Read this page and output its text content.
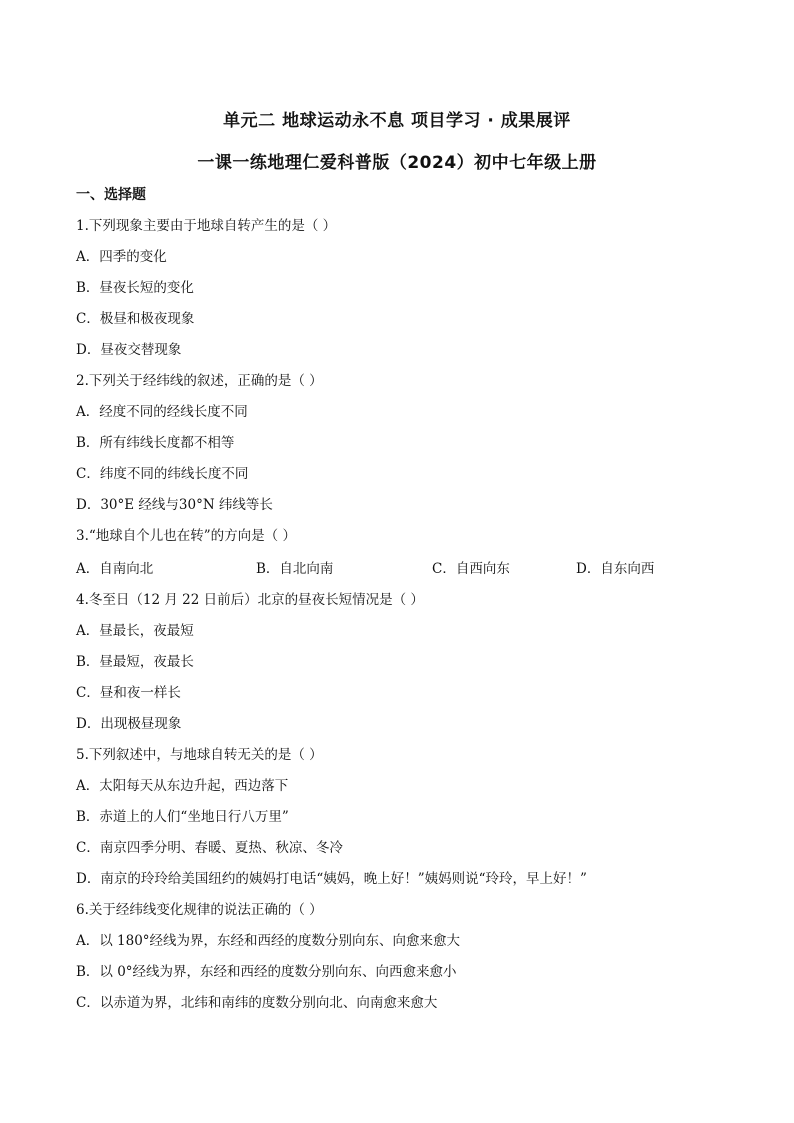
单元二 地球运动永不息 项目学习 · 成果展评
一课一练地理仁爱科普版（2024）初中七年级上册
一、选择题
1.下列现象主要由于地球自转产生的是（ ）
A．四季的变化
B．昼夜长短的变化
C．极昼和极夜现象
D．昼夜交替现象
2.下列关于经纬线的叙述，正确的是（ ）
A．经度不同的经线长度不同
B．所有纬线长度都不相等
C．纬度不同的纬线长度不同
D．30°E 经线与30°N 纬线等长
3.“地球自个儿也在转”的方向是（ ）
A．自南向北	B．自北向南	C．自西向东	D．自东向西
4.冬至日（12 月 22 日前后）北京的昼夜长短情况是（ ）
A．昼最长，夜最短
B．昼最短，夜最长
C．昼和夜一样长
D．出现极昼现象
5.下列叙述中，与地球自转无关的是（ ）
A．太阳每天从东边升起，西边落下
B．赤道上的人们“坐地日行八万里”
C．南京四季分明、春暖、夏热、秋凉、冬冷
D．南京的玲玲给美国纽约的姨妈打电话“姨妈，晚上好！”姨妈则说“玲玲，早上好！”
6.关于经纬线变化规律的说法正确的（ ）
A．以 180°经线为界，东经和西经的度数分别向东、向愈来愈大
B．以 0°经线为界，东经和西经的度数分别向东、向西愈来愈小
C．以赤道为界，北纬和南纬的度数分别向北、向南愈来愈大
